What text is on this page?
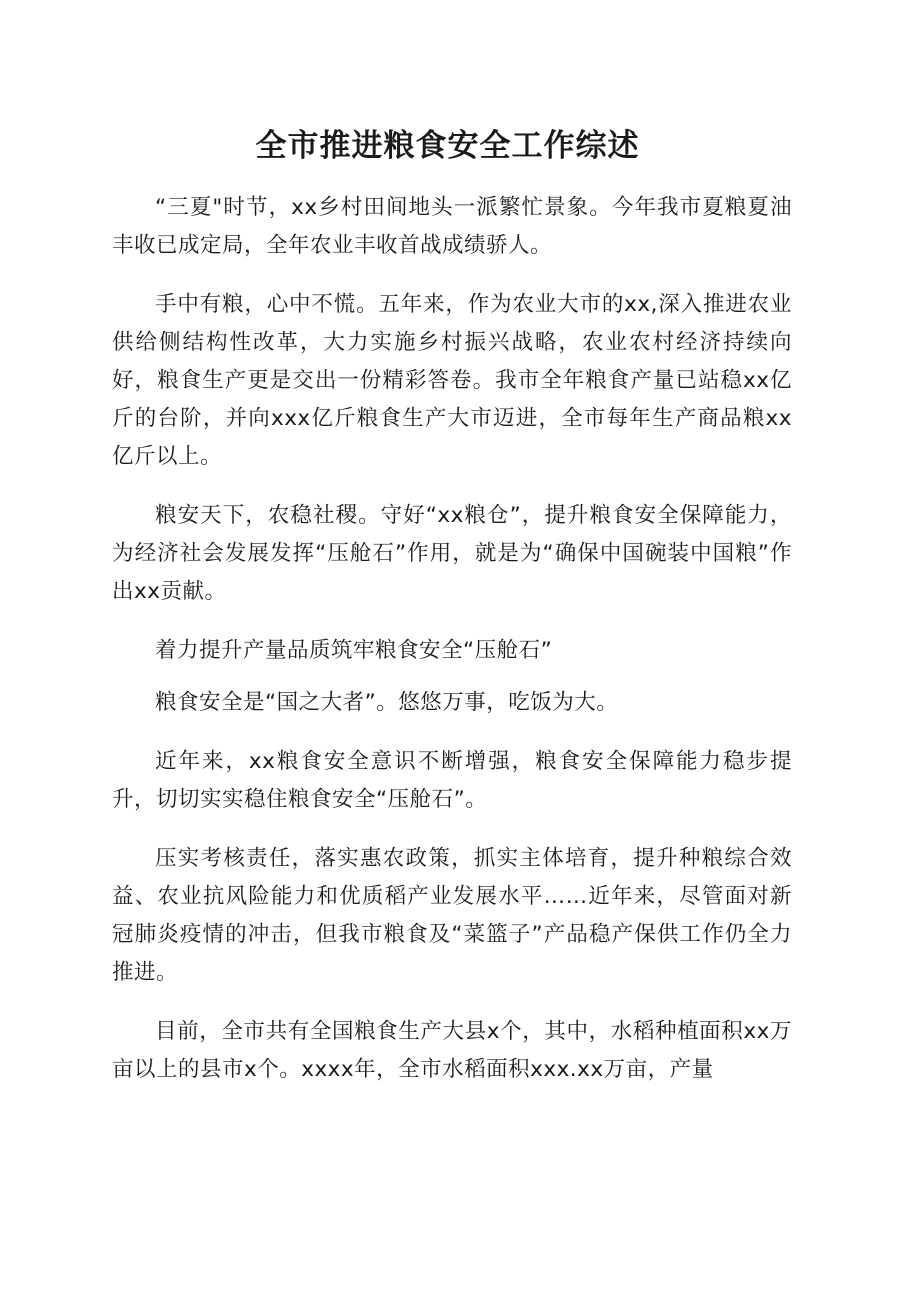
全市推进粮食安全工作综述

“三夏"时节，xx乡村田间地头一派繁忙景象。今年我市夏粮夏油丰收已成定局，全年农业丰收首战成绩骄人。

手中有粮，心中不慌。五年来，作为农业大市的xx,深入推进农业供给侧结构性改革，大力实施乡村振兴战略，农业农村经济持续向好，粮食生产更是交出一份精彩答卷。我市全年粮食产量已站稳xx亿斤的台阶，并向xxx亿斤粮食生产大市迈进，全市每年生产商品粮xx亿斤以上。

粮安天下，农稳社稷。守好“xx粮仓”，提升粮食安全保障能力，为经济社会发展发挥“压舱石”作用，就是为“确保中国碗装中国粮”作出xx贡献。

着力提升产量品质筑牢粮食安全“压舱石”

粮食安全是“国之大者”。悠悠万事，吃饭为大。

近年来，xx粮食安全意识不断增强，粮食安全保障能力稳步提升，切切实实稳住粮食安全“压舱石”。

压实考核责任，落实惠农政策，抓实主体培育，提升种粮综合效益、农业抗风险能力和优质稻产业发展水平……近年来，尽管面对新冠肺炎疫情的冲击，但我市粮食及“菜篮子”产品稳产保供工作仍全力推进。

目前，全市共有全国粮食生产大县x个，其中，水稻种植面积xx万亩以上的县市x个。xxxx年，全市水稻面积xxx.xx万亩，产量
